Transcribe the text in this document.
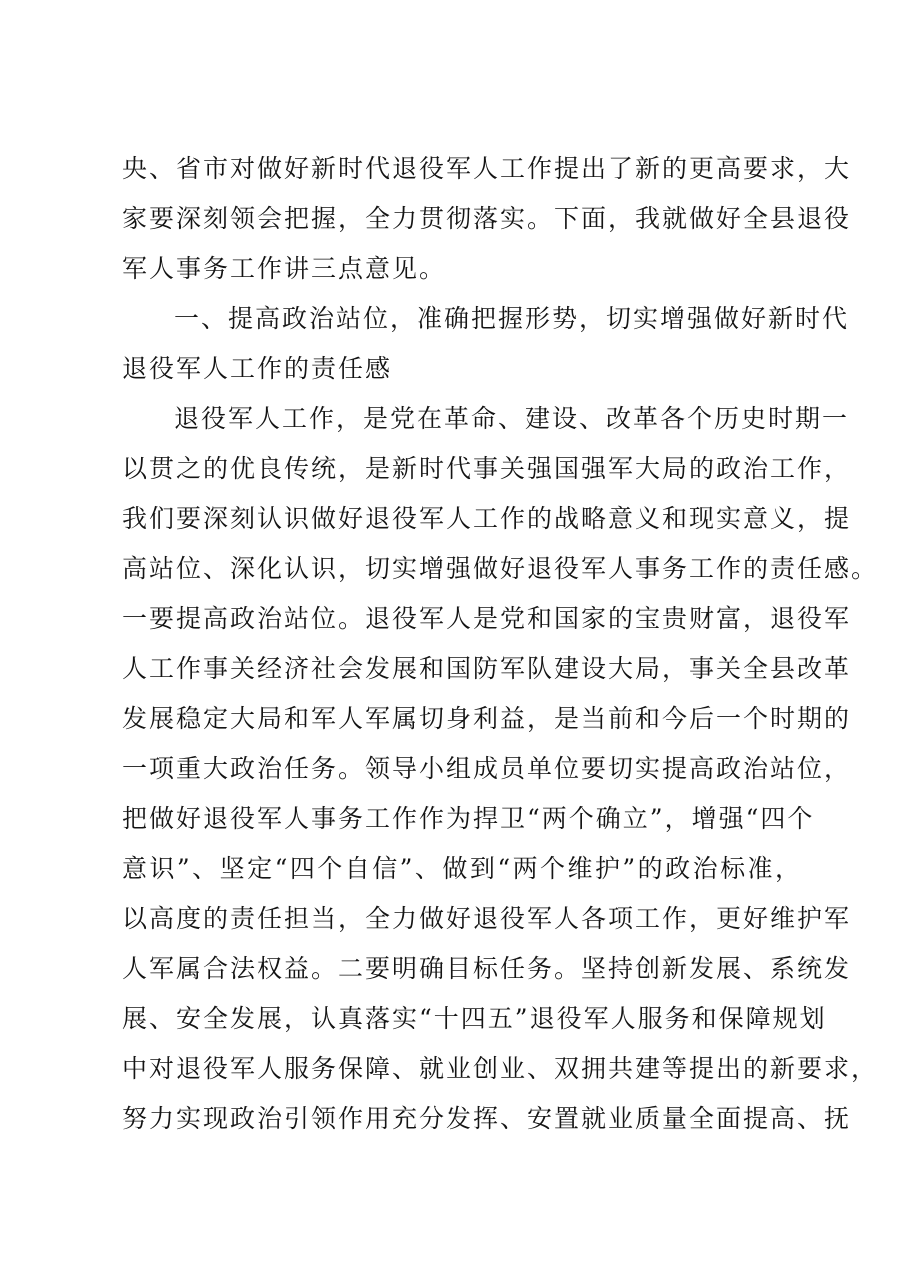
央、省市对做好新时代退役军人工作提出了新的更高要求，大
家要深刻领会把握，全力贯彻落实。下面，我就做好全县退役
军人事务工作讲三点意见。
一、提高政治站位，准确把握形势，切实增强做好新时代
退役军人工作的责任感
退役军人工作，是党在革命、建设、改革各个历史时期一
以贯之的优良传统，是新时代事关强国强军大局的政治工作，
我们要深刻认识做好退役军人工作的战略意义和现实意义，提
高站位、深化认识，切实增强做好退役军人事务工作的责任感。
一要提高政治站位。退役军人是党和国家的宝贵财富，退役军
人工作事关经济社会发展和国防军队建设大局，事关全县改革
发展稳定大局和军人军属切身利益，是当前和今后一个时期的
一项重大政治任务。领导小组成员单位要切实提高政治站位，
把做好退役军人事务工作作为捍卫“两个确立”，增强“四个
意识”、坚定“四个自信”、做到“两个维护”的政治标准，
以高度的责任担当，全力做好退役军人各项工作，更好维护军
人军属合法权益。二要明确目标任务。坚持创新发展、系统发
展、安全发展，认真落实“十四五”退役军人服务和保障规划
中对退役军人服务保障、就业创业、双拥共建等提出的新要求，
努力实现政治引领作用充分发挥、安置就业质量全面提高、抚
